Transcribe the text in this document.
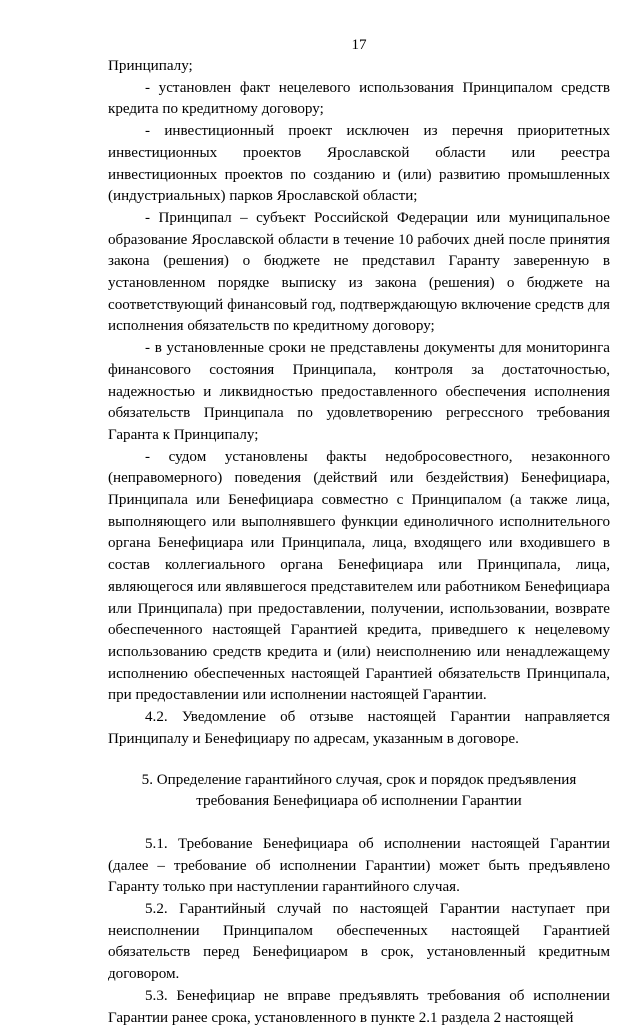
17

Принципалу;

- установлен факт нецелевого использования Принципалом средств кредита по кредитному договору;

- инвестиционный проект исключен из перечня приоритетных инвестиционных проектов Ярославской области или реестра инвестиционных проектов по созданию и (или) развитию промышленных (индустриальных) парков Ярославской области;

- Принципал – субъект Российской Федерации или муниципальное образование Ярославской области в течение 10 рабочих дней после принятия закона (решения) о бюджете не представил Гаранту заверенную в установленном порядке выписку из закона (решения) о бюджете на соответствующий финансовый год, подтверждающую включение средств для исполнения обязательств по кредитному договору;

- в установленные сроки не представлены документы для мониторинга финансового состояния Принципала, контроля за достаточностью, надежностью и ликвидностью предоставленного обеспечения исполнения обязательств Принципала по удовлетворению регрессного требования Гаранта к Принципалу;

- судом установлены факты недобросовестного, незаконного (неправомерного) поведения (действий или бездействия) Бенефициара, Принципала или Бенефициара совместно с Принципалом (а также лица, выполняющего или выполнявшего функции единоличного исполнительного органа Бенефициара или Принципала, лица, входящего или входившего в состав коллегиального органа Бенефициара или Принципала, лица, являющегося или являвшегося представителем или работником Бенефициара или Принципала) при предоставлении, получении, использовании, возврате обеспеченного настоящей Гарантией кредита, приведшего к нецелевому использованию средств кредита и (или) неисполнению или ненадлежащему исполнению обеспеченных настоящей Гарантией обязательств Принципала, при предоставлении или исполнении настоящей Гарантии.

4.2. Уведомление об отзыве настоящей Гарантии направляется Принципалу и Бенефициару по адресам, указанным в договоре.

5. Определение гарантийного случая, срок и порядок предъявления
требования Бенефициара об исполнении Гарантии

5.1. Требование Бенефициара об исполнении настоящей Гарантии (далее – требование об исполнении Гарантии) может быть предъявлено Гаранту только при наступлении гарантийного случая.

5.2. Гарантийный случай по настоящей Гарантии наступает при неисполнении Принципалом обеспеченных настоящей Гарантией обязательств перед Бенефициаром в срок, установленный кредитным договором.

5.3. Бенефициар не вправе предъявлять требования об исполнении Гарантии ранее срока, установленного в пункте 2.1 раздела 2 настоящей
